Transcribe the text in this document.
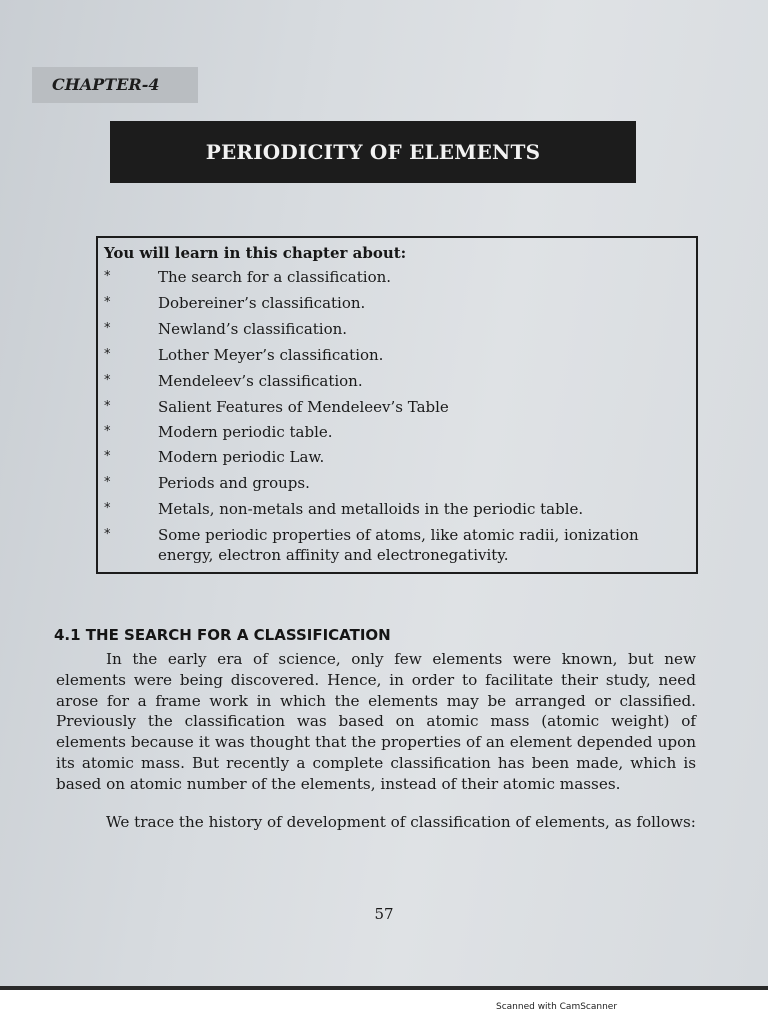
CHAPTER-4
PERIODICITY OF ELEMENTS
You will learn in this chapter about:
*	The search for a classification.
*	Dobereiner’s classification.
*	Newland’s classification.
*	Lother Meyer’s classification.
*	Mendeleev’s classification.
*	Salient Features of Mendeleev’s Table
*	Modern periodic table.
*	Modern periodic Law.
*	Periods and groups.
*	Metals, non-metals and metalloids in the periodic table.
*	Some periodic properties of atoms, like atomic radii, ionization energy, electron affinity and electronegativity.
4.1 THE SEARCH FOR A CLASSIFICATION
In the early era of science, only few elements were known, but new elements were being discovered. Hence, in order to facilitate their study, need arose for a frame work in which the elements may be arranged or classified. Previously the classification was based on atomic mass (atomic weight) of elements because it was thought that the properties of an element depended upon its atomic mass. But recently a complete classification has been made, which is based on atomic number of the elements, instead of their atomic masses.
We trace the history of development of classification of elements, as follows:
57
Scanned with CamScanner
